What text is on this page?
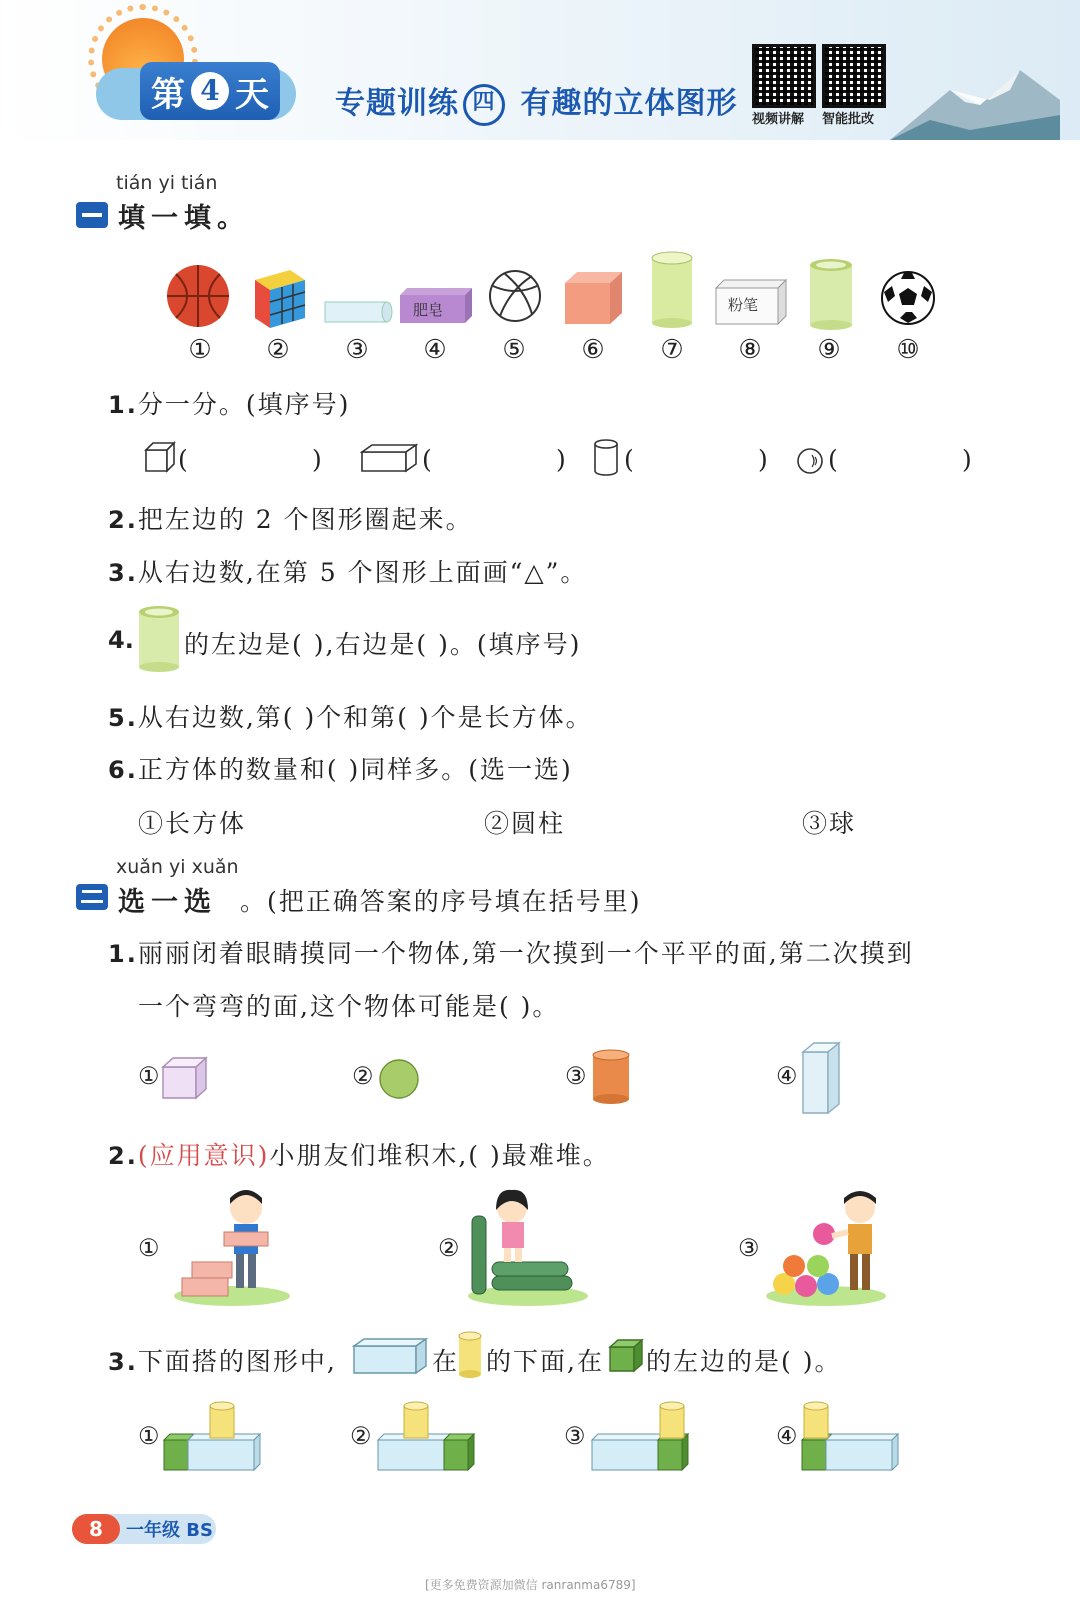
第 4 天 专题训练 四 有趣的立体图形 视频讲解 智能批改
tián yi tián
填一填。
肥皂	粉笔
①	②	③	④	⑤	⑥	⑦	⑧	⑨	⑩
1.分一分。(填序号)
(	)	(	) (	) (	)
2.把左边的 2 个图形圈起来。
3.从右边数,在第 5 个图形上面画“△”。
4. 的左边是( ),右边是( )。(填序号)
5.从右边数,第( )个和第( )个是长方体。
6.正方体的数量和( )同样多。(选一选)
①长方体	②圆柱	③球
xuǎn yi xuǎn
选一选 。(把正确答案的序号填在括号里)
1.丽丽闭着眼睛摸同一个物体,第一次摸到一个平平的面,第二次摸到
一个弯弯的面,这个物体可能是( )。
①	②	③	④
2.(应用意识)小朋友们堆积木,( )最难堆。
①	②	③
3.下面搭的图形中,	在 的下面,在 的左边的是( )。
①	②	③	④
8	一年级 BS
[更多免费资源加微信 ranranma6789]
